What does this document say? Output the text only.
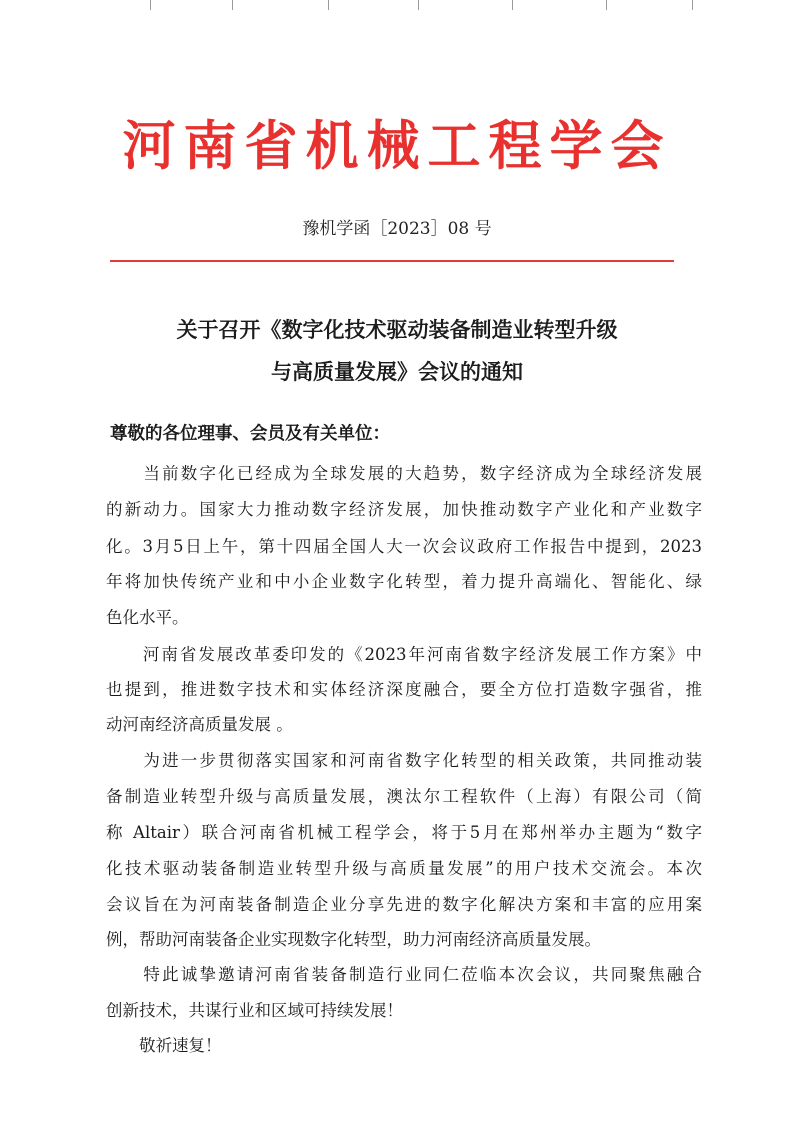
河南省机械工程学会
豫机学函［2023］08 号
关于召开《数字化技术驱动装备制造业转型升级
与高质量发展》会议的通知
尊敬的各位理事、会员及有关单位：
　　当前数字化已经成为全球发展的大趋势，数字经济成为全球经济发展
的新动力。国家大力推动数字经济发展，加快推动数字产业化和产业数字
化。3月5日上午，第十四届全国人大一次会议政府工作报告中提到，2023
年将加快传统产业和中小企业数字化转型，着力提升高端化、智能化、绿
色化水平。
　　河南省发展改革委印发的《2023年河南省数字经济发展工作方案》中
也提到，推进数字技术和实体经济深度融合，要全方位打造数字强省，推
动河南经济高质量发展 。
　　为进一步贯彻落实国家和河南省数字化转型的相关政策，共同推动装
备制造业转型升级与高质量发展，澳汰尔工程软件（上海）有限公司（简
称 Altair）联合河南省机械工程学会，将于5月在郑州举办主题为“数字
化技术驱动装备制造业转型升级与高质量发展”的用户技术交流会。本次
会议旨在为河南装备制造企业分享先进的数字化解决方案和丰富的应用案
例，帮助河南装备企业实现数字化转型，助力河南经济高质量发展。
　　特此诚挚邀请河南省装备制造行业同仁莅临本次会议，共同聚焦融合
创新技术，共谋行业和区域可持续发展！
　　敬祈速复！
